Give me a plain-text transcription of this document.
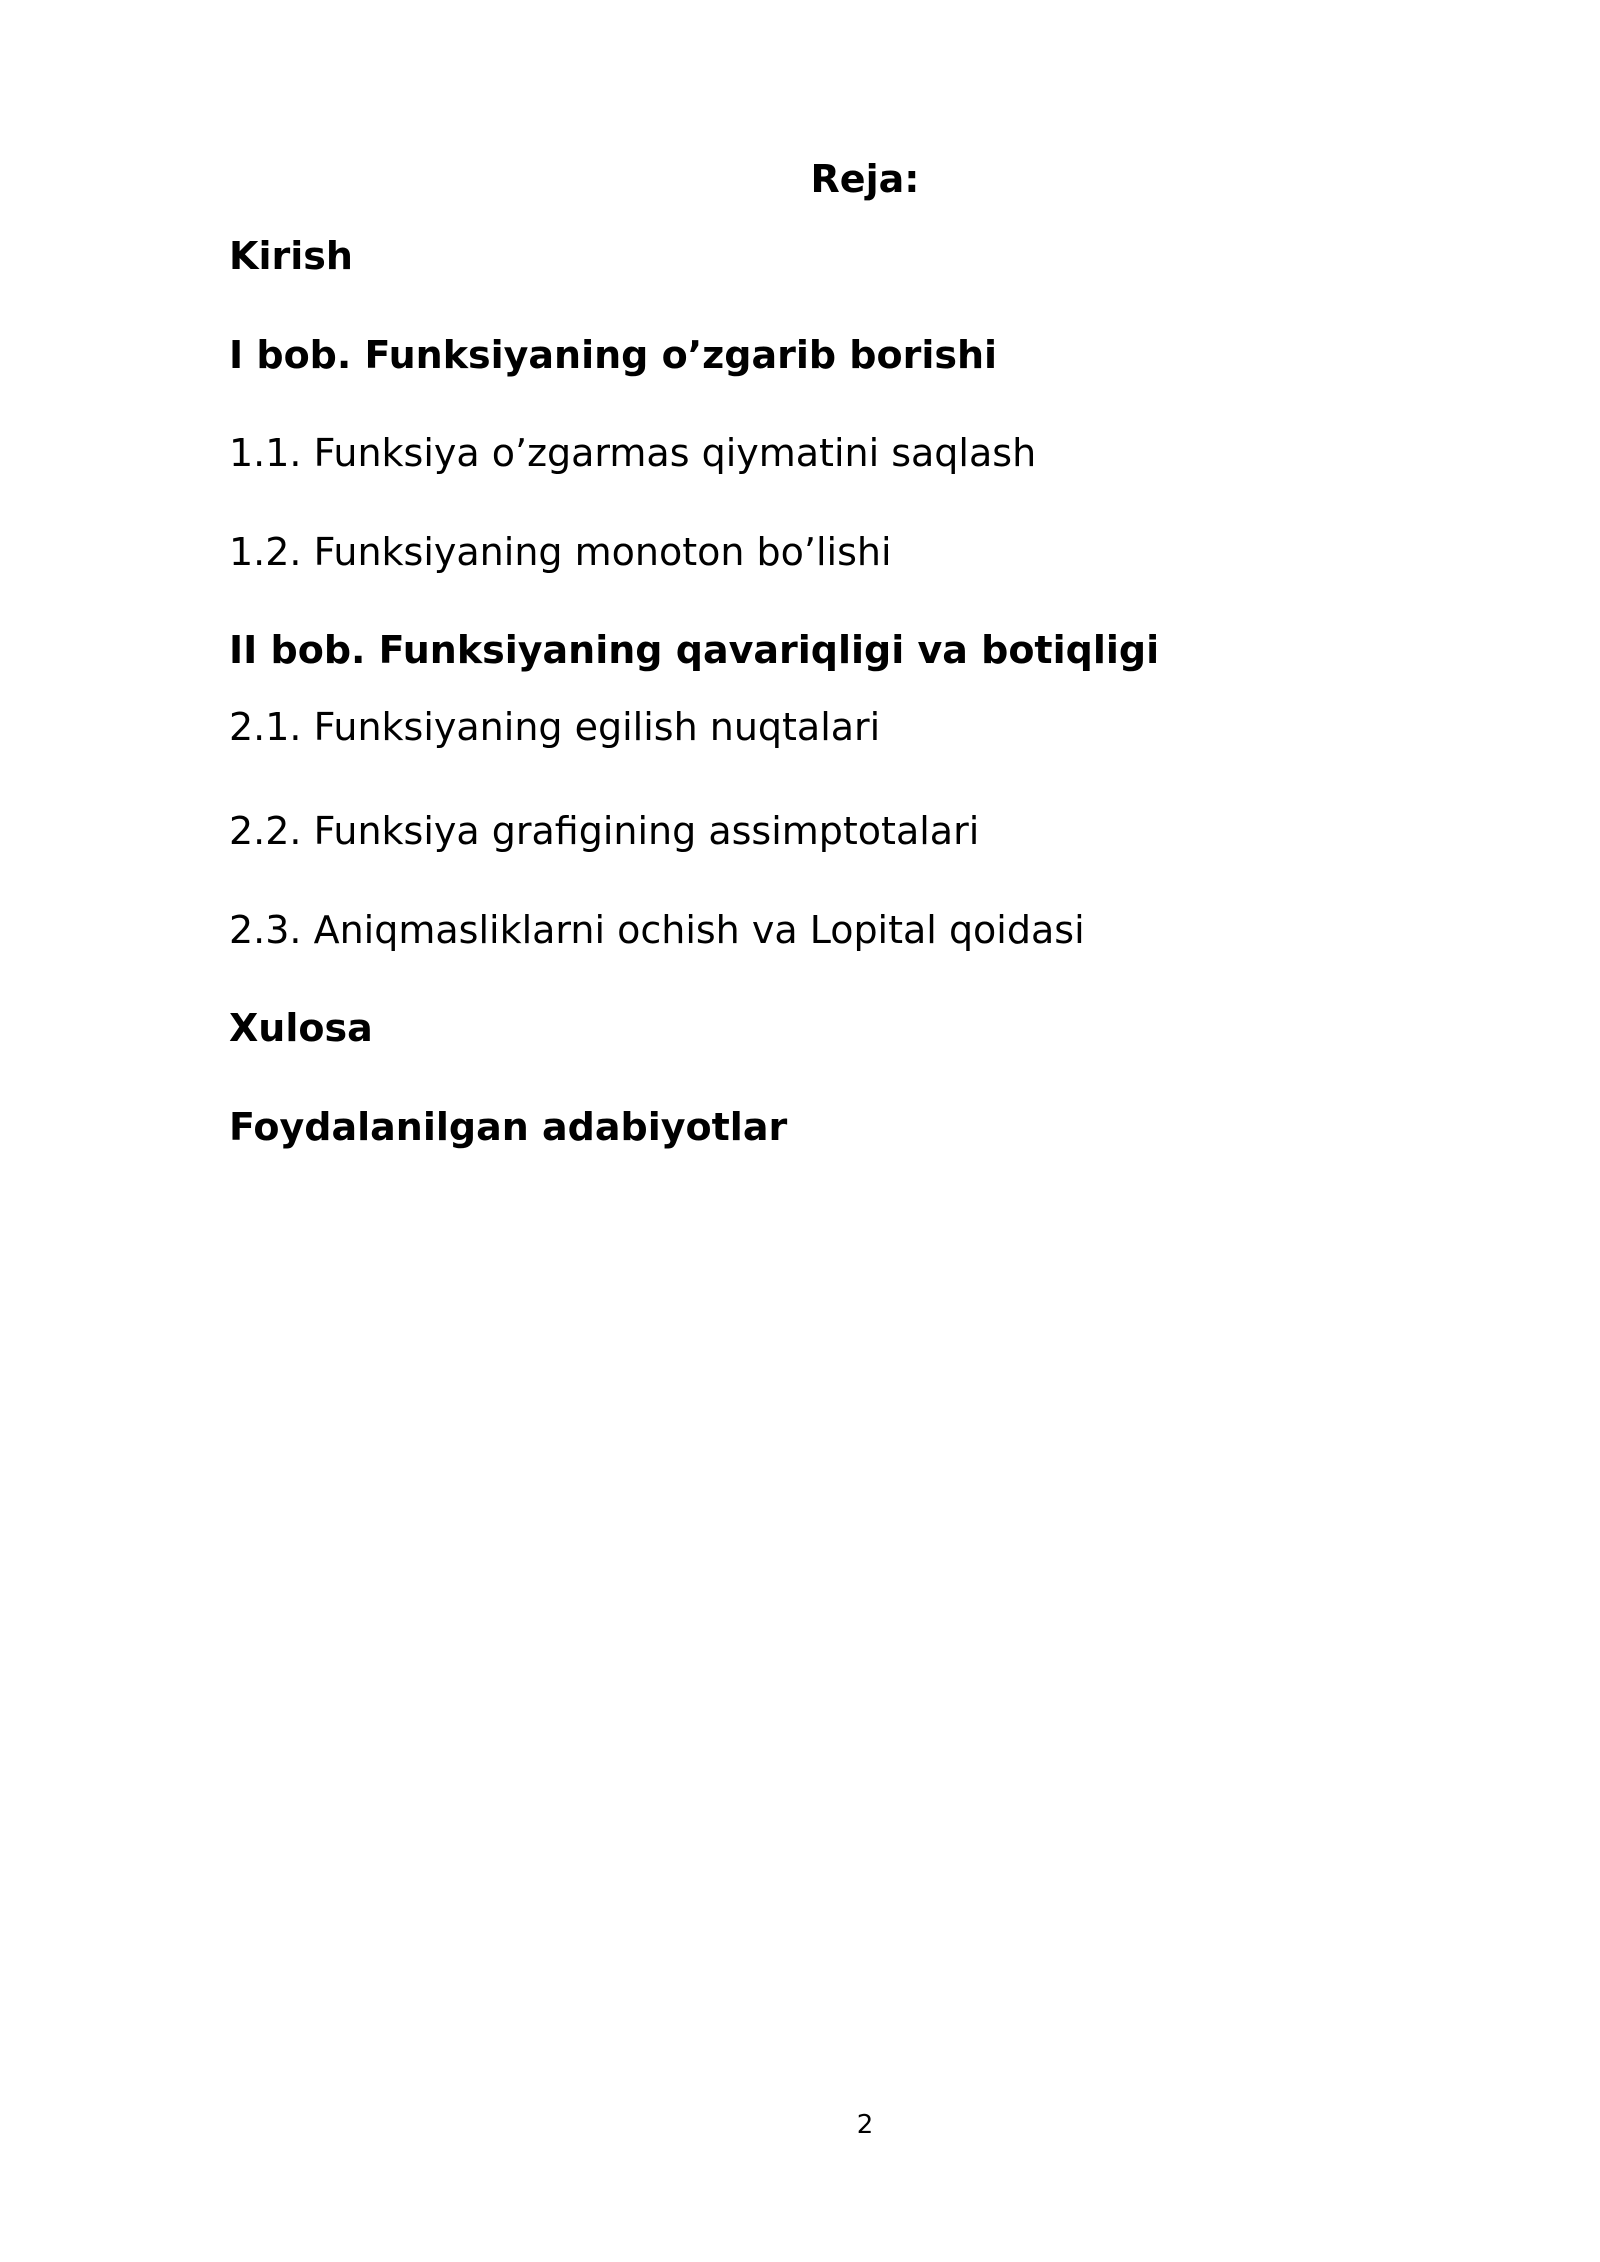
Reja:
Kirish
I bob. Funksiyaning o’zgarib borishi
1.1. Funksiya o’zgarmas qiymatini saqlash
1.2. Funksiyaning monoton bo’lishi
II bob. Funksiyaning qavariqligi va botiqligi
2.1. Funksiyaning egilish nuqtalari
2.2. Funksiya grafigining assimptotalari
2.3. Aniqmasliklarni ochish va Lopital qoidasi
Xulosa
Foydalanilgan adabiyotlar
2
